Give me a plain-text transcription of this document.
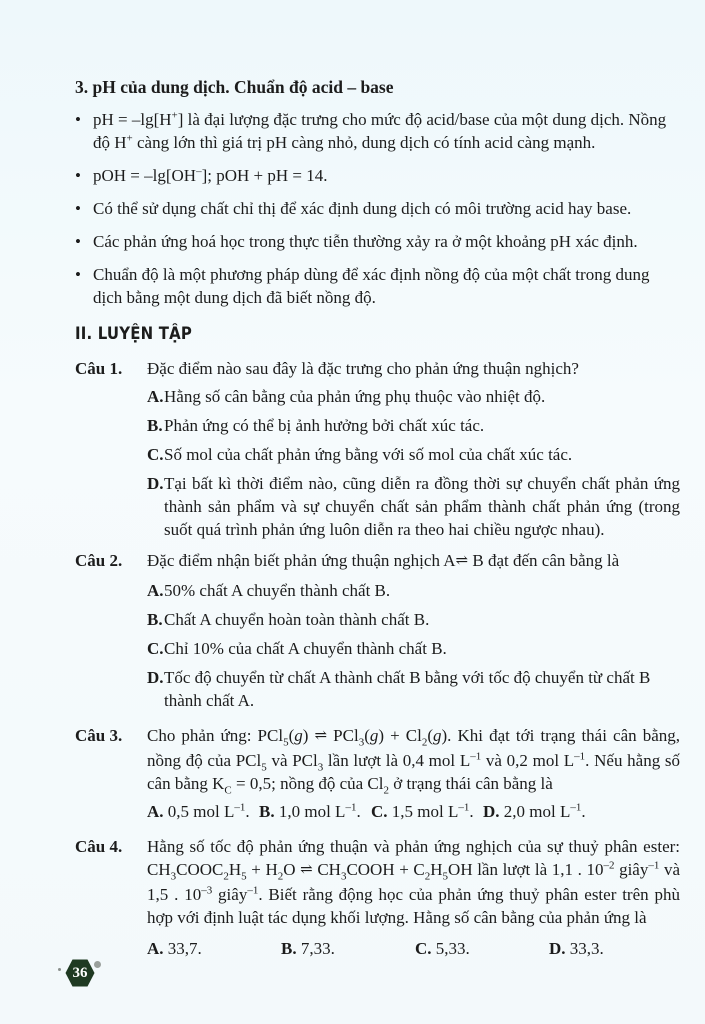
3. pH của dung dịch. Chuẩn độ acid – base
• pH = –lg[H+] là đại lượng đặc trưng cho mức độ acid/base của một dung dịch. Nồng độ H+ càng lớn thì giá trị pH càng nhỏ, dung dịch có tính acid càng mạnh.
• pOH = –lg[OH–]; pOH + pH = 14.
• Có thể sử dụng chất chỉ thị để xác định dung dịch có môi trường acid hay base.
• Các phản ứng hoá học trong thực tiễn thường xảy ra ở một khoảng pH xác định.
• Chuẩn độ là một phương pháp dùng để xác định nồng độ của một chất trong dung dịch bằng một dung dịch đã biết nồng độ.
II. LUYỆN TẬP
Câu 1. Đặc điểm nào sau đây là đặc trưng cho phản ứng thuận nghịch?
A. Hằng số cân bằng của phản ứng phụ thuộc vào nhiệt độ.
B. Phản ứng có thể bị ảnh hưởng bởi chất xúc tác.
C. Số mol của chất phản ứng bằng với số mol của chất xúc tác.
D. Tại bất kì thời điểm nào, cũng diễn ra đồng thời sự chuyển chất phản ứng thành sản phẩm và sự chuyển chất sản phẩm thành chất phản ứng (trong suốt quá trình phản ứng luôn diễn ra theo hai chiều ngược nhau).
Câu 2. Đặc điểm nhận biết phản ứng thuận nghịch A⇌ B đạt đến cân bằng là
A. 50% chất A chuyển thành chất B.
B. Chất A chuyển hoàn toàn thành chất B.
C. Chỉ 10% của chất A chuyển thành chất B.
D. Tốc độ chuyển từ chất A thành chất B bằng với tốc độ chuyển từ chất B thành chất A.
Câu 3. Cho phản ứng: PCl$_5$(g) ⇌ $PCl_3(g) + Cl_2(g)$. Khi đạt tới trạng thái cân bằng, nồng độ của PCl$_5$ và PCl$_3$ lần lượt là 0,4 mol $L^{-1}$ và 0,2 mol $L^{-1}$. Nếu hằng số cân bằng $K_C = 0,5$; nồng độ của $Cl_2$ ở trạng thái cân bằng là
A. 0,5 mol $L^{-1}$. B. 1,0 mol $L^{-1}$. C. 1,5 mol $L^{-1}$. D. 2,0 mol $L^{-1}$.
Câu 4. Hằng số tốc độ phản ứng thuận và phản ứng nghịch của sự thuỷ phân ester: $CH_3COOC_2H_5 + H_2O$ ⇌ $CH_3COOH + C_2H_5OH$ lần lượt là 1,1 . $10^{-2}$ giây$^{-1}$ và 1,5 . $10^{-3}$ giây$^{-1}$. Biết rằng động học của phản ứng thuỷ phân ester trên phù hợp với định luật tác dụng khối lượng. Hằng số cân bằng của phản ứng là
A. 33,7.	B. 7,33.	C. 5,33.	D. 33,3.
36
